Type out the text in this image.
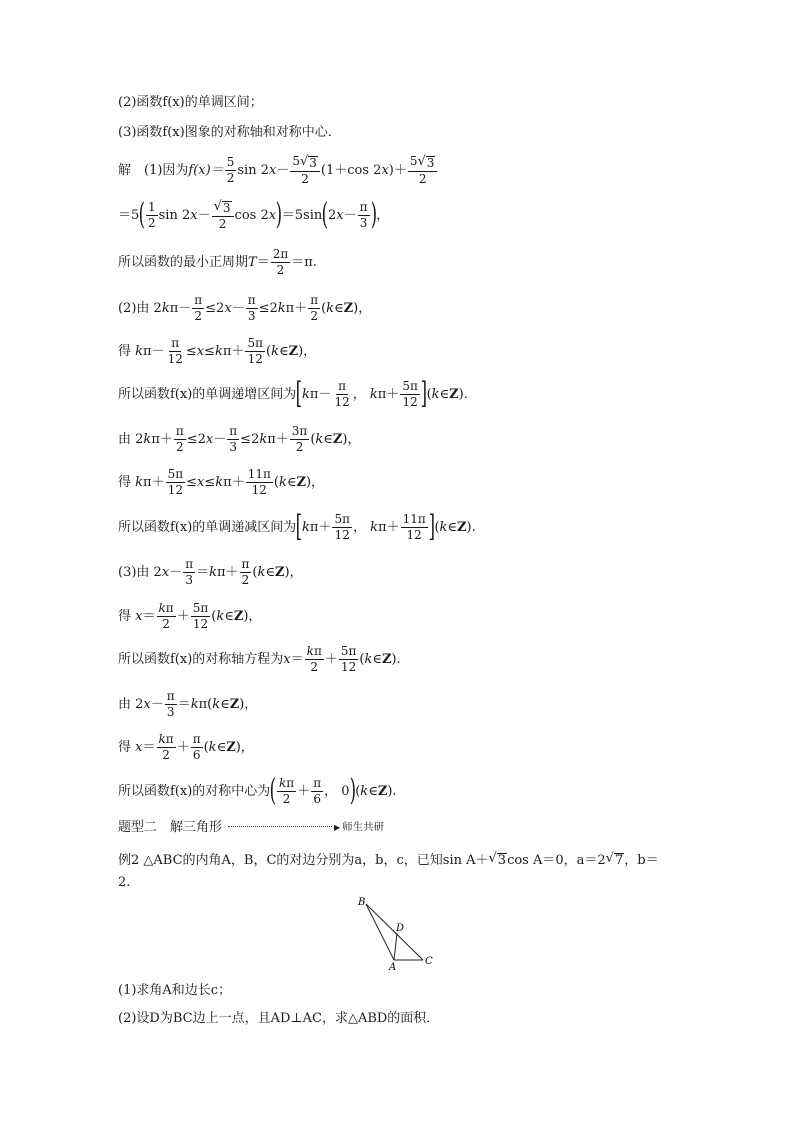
(2)函数f(x)的单调区间；
(3)函数f(x)图象的对称轴和对称中心．
解　(1)因为 $f(x)= \frac{5}{2}$ $\sin 2x- \frac{5 √ 3}{2} (1+\cos$ $2x)+ \frac{5 √ 3}{2}$
＝5 ( $\frac{1}{2}$ $\sin 2x- \frac{√ 3}{2}$ cos 2x ) ＝5sin ( $2x- \frac{\pi}{3}$ ) ，
所以函数的最小正周期 $T= \frac{2\pi}{2} =\pi$.
(2)由 $2k\pi- \frac{\pi}{2} \le 2x- \frac{\pi}{3} \le 2k\pi+ \frac{\pi}{2}$ (k∈Z)，
得 $k\pi- \frac{\pi}{12} \le x\le k\pi+ \frac{5\pi}{12}$ (k∈Z)，
所以函数f(x)的单调递增区间为 [ $k\pi- \frac{\pi}{12}$ ， $k\pi+ \frac{5\pi}{12}$ ] (k∈Z).
由 $2k\pi+ \frac{\pi}{2} \le 2x- \frac{\pi}{3} \le 2k\pi+ \frac{3\pi}{2}$ (k∈Z)，
得 $k\pi+ \frac{5\pi}{12} \le x\le k\pi+ \frac{11\pi}{12}$ (k∈Z)，
所以函数f(x)的单调递减区间为 [ $k\pi+ \frac{5\pi}{12}$ ， $k\pi+ \frac{11\pi}{12}$ ] (k∈Z).
(3)由 $2x- \frac{\pi}{3} =k\pi+ \frac{\pi}{2}$ (k∈Z)，
得 $x= \frac{k\pi}{2} + \frac{5\pi}{12}$ (k∈Z)，
所以函数f(x)的对称轴方程为 $x= \frac{k\pi}{2} + \frac{5\pi}{12}$ (k∈Z).
由 $2x- \frac{\pi}{3}$ ＝kπ(k∈Z)，
得 $x= \frac{k\pi}{2} + \frac{\pi}{6}$ (k∈Z)，
所以函数f(x)的对称中心为 ( $\frac{k\pi}{2} + \frac{\pi}{6}$ ， 0 ) (k∈Z).
题型二　解三角形	▶ 师生共研
例2 △ABC的内角A，B，C的对边分别为a，b，c，已知sin A＋ √ 3 cos A＝0，a＝2 √ 7 ，b＝
2.
B
D
A
C
(1)求角A和边长c；
(2)设D为BC边上一点，且AD⊥AC，求△ABD的面积．
